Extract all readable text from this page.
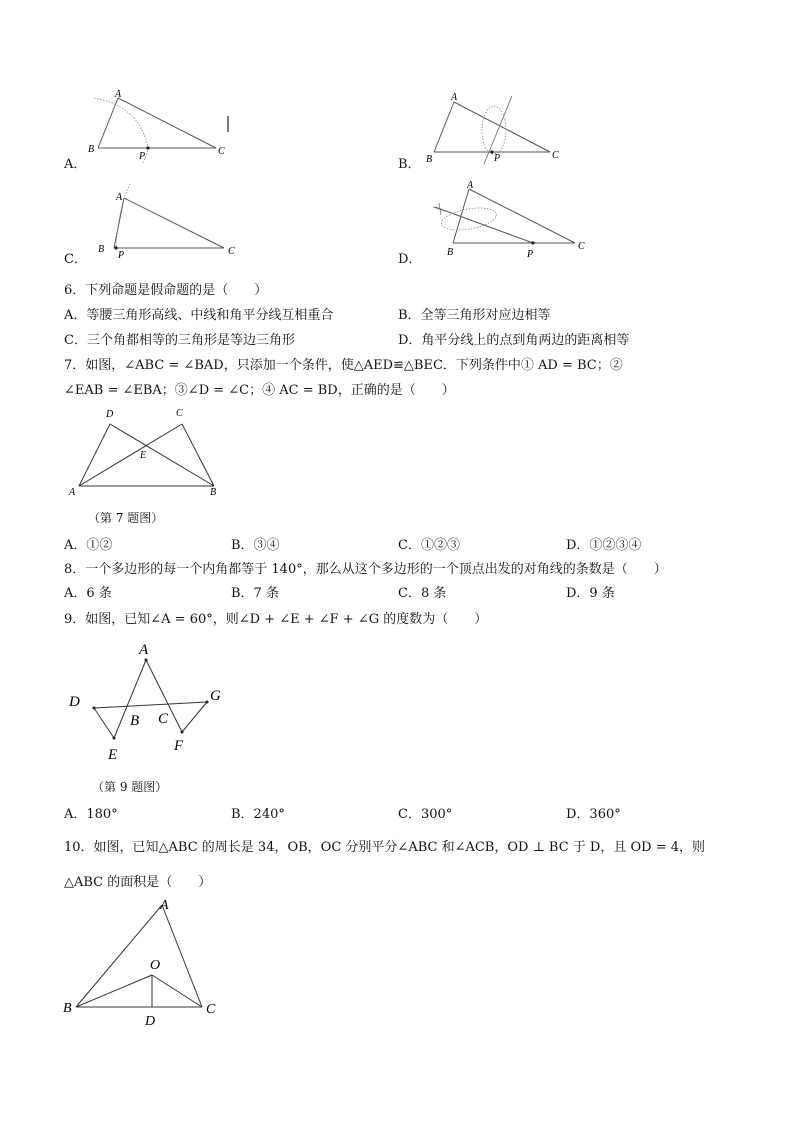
A．
A
B
P	C
B．
A
B	P	C
C．
A
B
P	C
D．
A
B	P
C
6．下列命题是假命题的是（　　）
A．等腰三角形高线、中线和角平分线互相重合	B．全等三角形对应边相等
C．三个角都相等的三角形是等边三角形	D．角平分线上的点到角两边的距离相等
7．如图，∠ABC = ∠BAD，只添加一个条件，使△AED≌△BEC．下列条件中① AD = BC；②
∠EAB = ∠EBA；③∠D = ∠C；④ AC = BD，正确的是（　　）
D	C
E
A	B
（第 7 题图）
A．①②	B．③④	C．①②③	D．①②③④
8．一个多边形的每一个内角都等于 140°，那么从这个多边形的一个顶点出发的对角线的条数是（　　）
A．6 条	B．7 条	C．8 条	D．9 条
9．如图，已知∠A = 60°，则∠D + ∠E + ∠F + ∠G 的度数为（　　）
A
D	G
B C
E
F
（第 9 题图）
A．180°	B．240°	C．300°	D．360°
10．如图，已知△ABC 的周长是 34，OB，OC 分别平分∠ABC 和∠ACB，OD ⊥ BC 于 D，且 OD = 4，则
△ABC 的面积是（　　）
A
O
B	C
D
